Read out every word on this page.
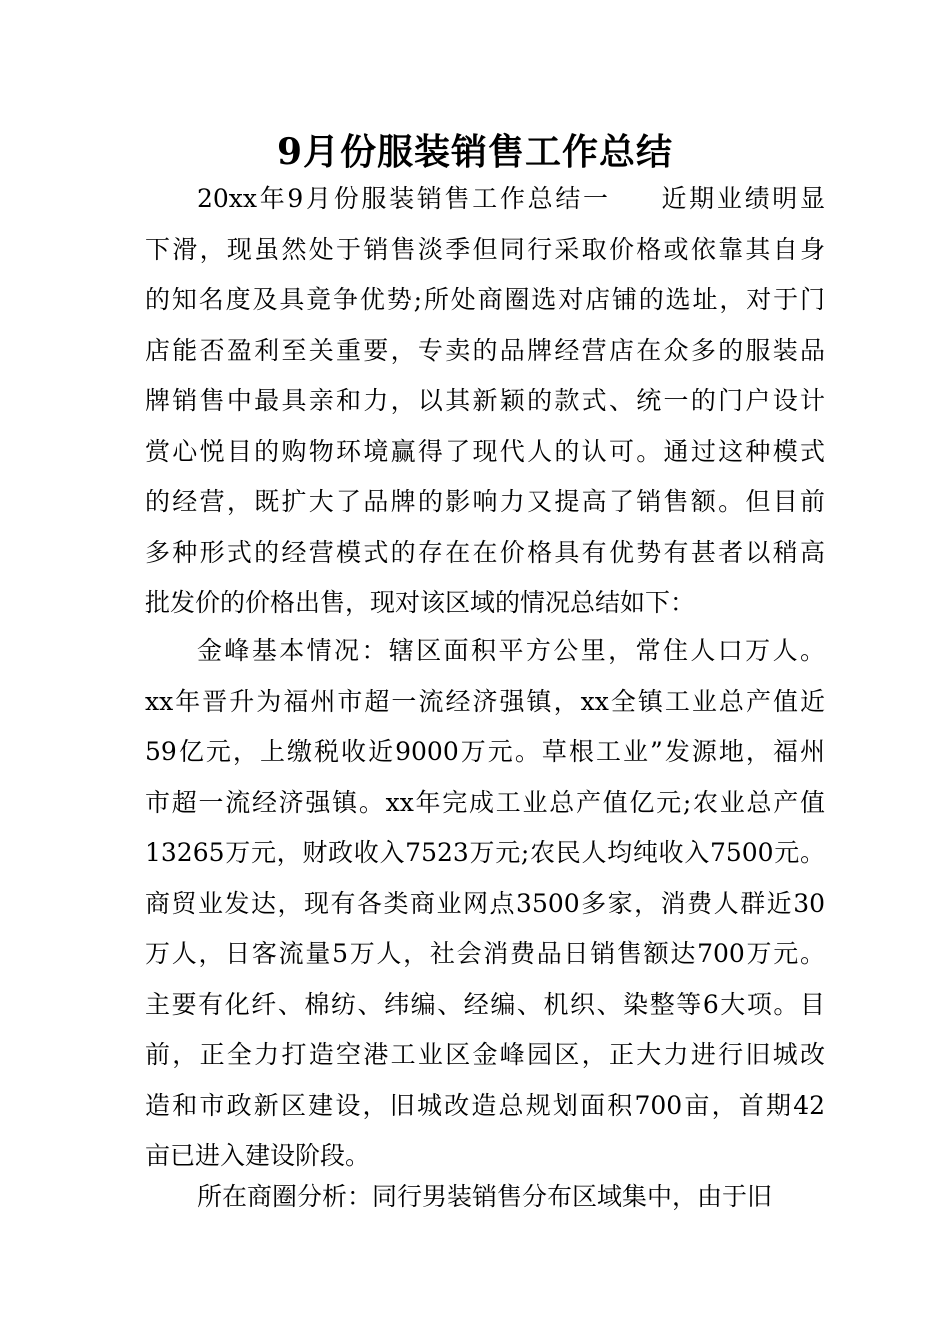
9月份服装销售工作总结
20xx年9月份服装销售工作总结一 近期业绩明显
下滑，现虽然处于销售淡季但同行采取价格或依靠其自身
的知名度及具竟争优势;所处商圈选对店铺的选址，对于门
店能否盈利至关重要，专卖的品牌经营店在众多的服装品
牌销售中最具亲和力，以其新颖的款式、统一的门户设计
赏心悦目的购物环境赢得了现代人的认可。通过这种模式
的经营，既扩大了品牌的影响力又提高了销售额。但目前
多种形式的经营模式的存在在价格具有优势有甚者以稍高
批发价的价格出售，现对该区域的情况总结如下：
金峰基本情况：辖区面积平方公里，常住人口万人。
xx年晋升为福州市超一流经济强镇，xx全镇工业总产值近
59亿元，上缴税收近9000万元。草根工业”发源地，福州
市超一流经济强镇。xx年完成工业总产值亿元;农业总产值
13265万元，财政收入7523万元;农民人均纯收入7500元。
商贸业发达，现有各类商业网点3500多家，消费人群近30
万人，日客流量5万人，社会消费品日销售额达700万元。
主要有化纤、棉纺、纬编、经编、机织、染整等6大项。目
前，正全力打造空港工业区金峰园区，正大力进行旧城改
造和市政新区建设，旧城改造总规划面积700亩，首期42
亩已进入建设阶段。
所在商圈分析：同行男装销售分布区域集中，由于旧
